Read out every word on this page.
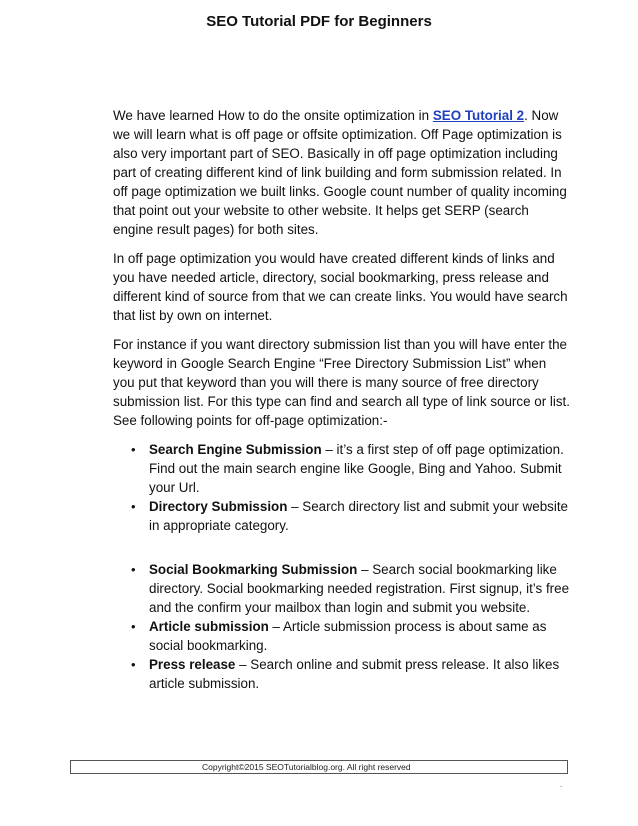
SEO Tutorial PDF for Beginners

We have learned How to do the onsite optimization in SEO Tutorial 2. Now we will learn what is off page or offsite optimization. Off Page optimization is also very important part of SEO. Basically in off page optimization including part of creating different kind of link building and form submission related. In off page optimization we built links. Google count number of quality incoming that point out your website to other website. It helps get SERP (search engine result pages) for both sites.

In off page optimization you would have created different kinds of links and you have needed article, directory, social bookmarking, press release and different kind of source from that we can create links. You would have search that list by own on internet.

For instance if you want directory submission list than you will have enter the keyword in Google Search Engine “Free Directory Submission List” when you put that keyword than you will there is many source of free directory submission list. For this type can find and search all type of link source or list. See following points for off-page optimization:-

• Search Engine Submission – it’s a first step of off page optimization. Find out the main search engine like Google, Bing and Yahoo. Submit your Url.
• Directory Submission – Search directory list and submit your website in appropriate category.
• Social Bookmarking Submission – Search social bookmarking like directory. Social bookmarking needed registration. First signup, it’s free and the confirm your mailbox than login and submit you website.
• Article submission – Article submission process is about same as social bookmarking.
• Press release – Search online and submit press release. It also likes article submission.
Copyright©2015 SEOTutorialblog.org. All right reserved
.
